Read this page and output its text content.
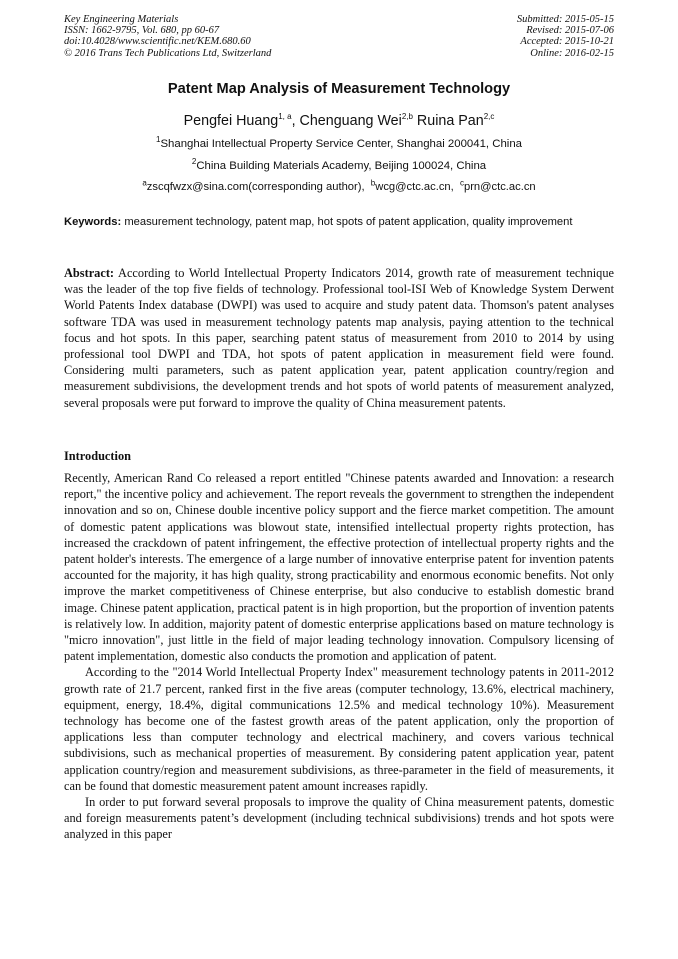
Key Engineering Materials
ISSN: 1662-9795, Vol. 680, pp 60-67
doi:10.4028/www.scientific.net/KEM.680.60
© 2016 Trans Tech Publications Ltd, Switzerland
Submitted: 2015-05-15
Revised: 2015-07-06
Accepted: 2015-10-21
Online: 2016-02-15
Patent Map Analysis of Measurement Technology
Pengfei Huang$^{1, a}$, Chenguang Wei$^{2,b}$ Ruina Pan$^{2,c}$
$^1$Shanghai Intellectual Property Service Center, Shanghai 200041, China
$^2$China Building Materials Academy, Beijing 100024, China
$^a$zscqfwzx@sina.com(corresponding author), $^b$wcg@ctc.ac.cn, $^c$prn@ctc.ac.cn
Keywords: measurement technology, patent map, hot spots of patent application, quality improvement
Abstract: According to World Intellectual Property Indicators 2014, growth rate of measurement technique was the leader of the top five fields of technology. Professional tool-ISI Web of Knowledge System Derwent World Patents Index database (DWPI) was used to acquire and study patent data. Thomson's patent analyses software TDA was used in measurement technology patents map analysis, paying attention to the technical focus and hot spots. In this paper, searching patent status of measurement from 2010 to 2014 by using professional tool DWPI and TDA, hot spots of patent application in measurement field were found. Considering multi parameters, such as patent application year, patent application country/region and measurement subdivisions, the development trends and hot spots of world patents of measurement analyzed, several proposals were put forward to improve the quality of China measurement patents.
Introduction

Recently, American Rand Co released a report entitled "Chinese patents awarded and Innovation: a research report," the incentive policy and achievement. The report reveals the government to strengthen the independent innovation and so on, Chinese double incentive policy support and the fierce market competition. The amount of domestic patent applications was blowout state, intensified intellectual property rights protection, has increased the crackdown of patent infringement, the effective protection of intellectual property rights and the patent holder's interests. The emergence of a large number of innovative enterprise patent for invention patents accounted for the majority, it has high quality, strong practicability and enormous economic benefits. Not only improve the market competitiveness of Chinese enterprise, but also conducive to establish domestic brand image. Chinese patent application, practical patent is in high proportion, but the proportion of invention patents is relatively low. In addition, majority patent of domestic enterprise applications based on mature technology is "micro innovation", just little in the field of major leading technology innovation. Compulsory licensing of patent implementation, domestic also conducts the promotion and application of patent.

According to the "2014 World Intellectual Property Index" measurement technology patents in 2011-2012 growth rate of 21.7 percent, ranked first in the five areas (computer technology, 13.6%, electrical machinery, equipment, energy, 18.4%, digital communications 12.5% and medical technology 10%). Measurement technology has become one of the fastest growth areas of the patent application, only the proportion of applications less than computer technology and electrical machinery, and covers various technical subdivisions, such as mechanical properties of measurement. By considering patent application year, patent application country/region and measurement subdivisions, as three-parameter in the field of measurements, it can be found that domestic measurement patent amount increases rapidly.

In order to put forward several proposals to improve the quality of China measurement patents, domestic and foreign measurements patent’s development (including technical subdivisions) trends and hot spots were analyzed in this paper
